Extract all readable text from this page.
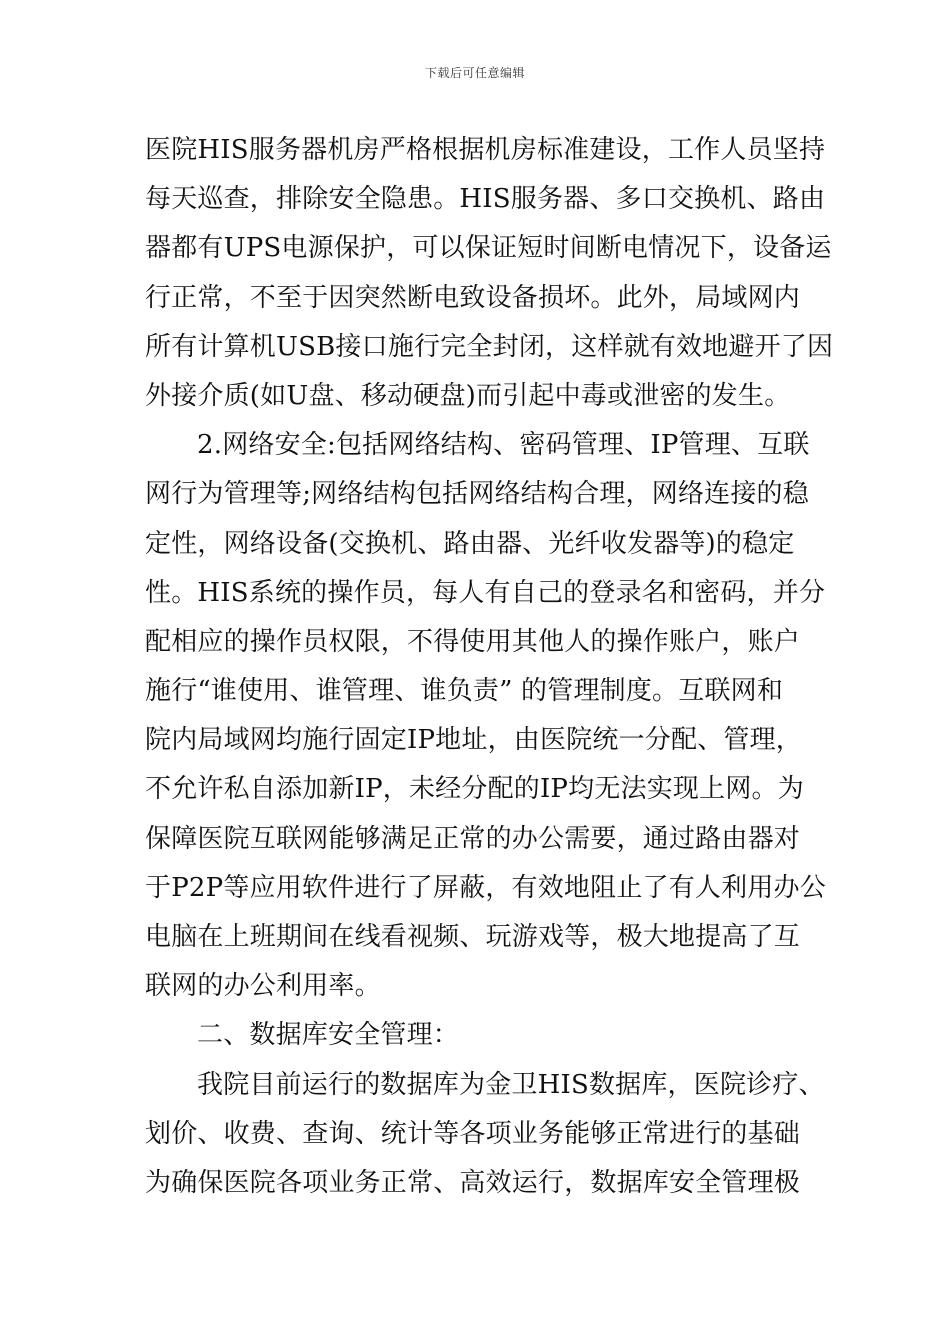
下载后可任意编辑
医院HIS服务器机房严格根据机房标准建设，工作人员坚持
每天巡查，排除安全隐患。HIS服务器、多口交换机、路由
器都有UPS电源保护，可以保证短时间断电情况下，设备运
行正常，不至于因突然断电致设备损坏。此外，局域网内
所有计算机USB接口施行完全封闭，这样就有效地避开了因
外接介质(如U盘、移动硬盘)而引起中毒或泄密的发生。
2.网络安全:包括网络结构、密码管理、IP管理、互联
网行为管理等;网络结构包括网络结构合理，网络连接的稳
定性，网络设备(交换机、路由器、光纤收发器等)的稳定
性。HIS系统的操作员，每人有自己的登录名和密码，并分
配相应的操作员权限，不得使用其他人的操作账户，账户
施行“谁使用、谁管理、谁负责” 的管理制度。互联网和
院内局域网均施行固定IP地址，由医院统一分配、管理，
不允许私自添加新IP，未经分配的IP均无法实现上网。为
保障医院互联网能够满足正常的办公需要，通过路由器对
于P2P等应用软件进行了屏蔽，有效地阻止了有人利用办公
电脑在上班期间在线看视频、玩游戏等，极大地提高了互
联网的办公利用率。
二、数据库安全管理：
我院目前运行的数据库为金卫HIS数据库，医院诊疗、
划价、收费、查询、统计等各项业务能够正常进行的基础
为确保医院各项业务正常、高效运行，数据库安全管理极
